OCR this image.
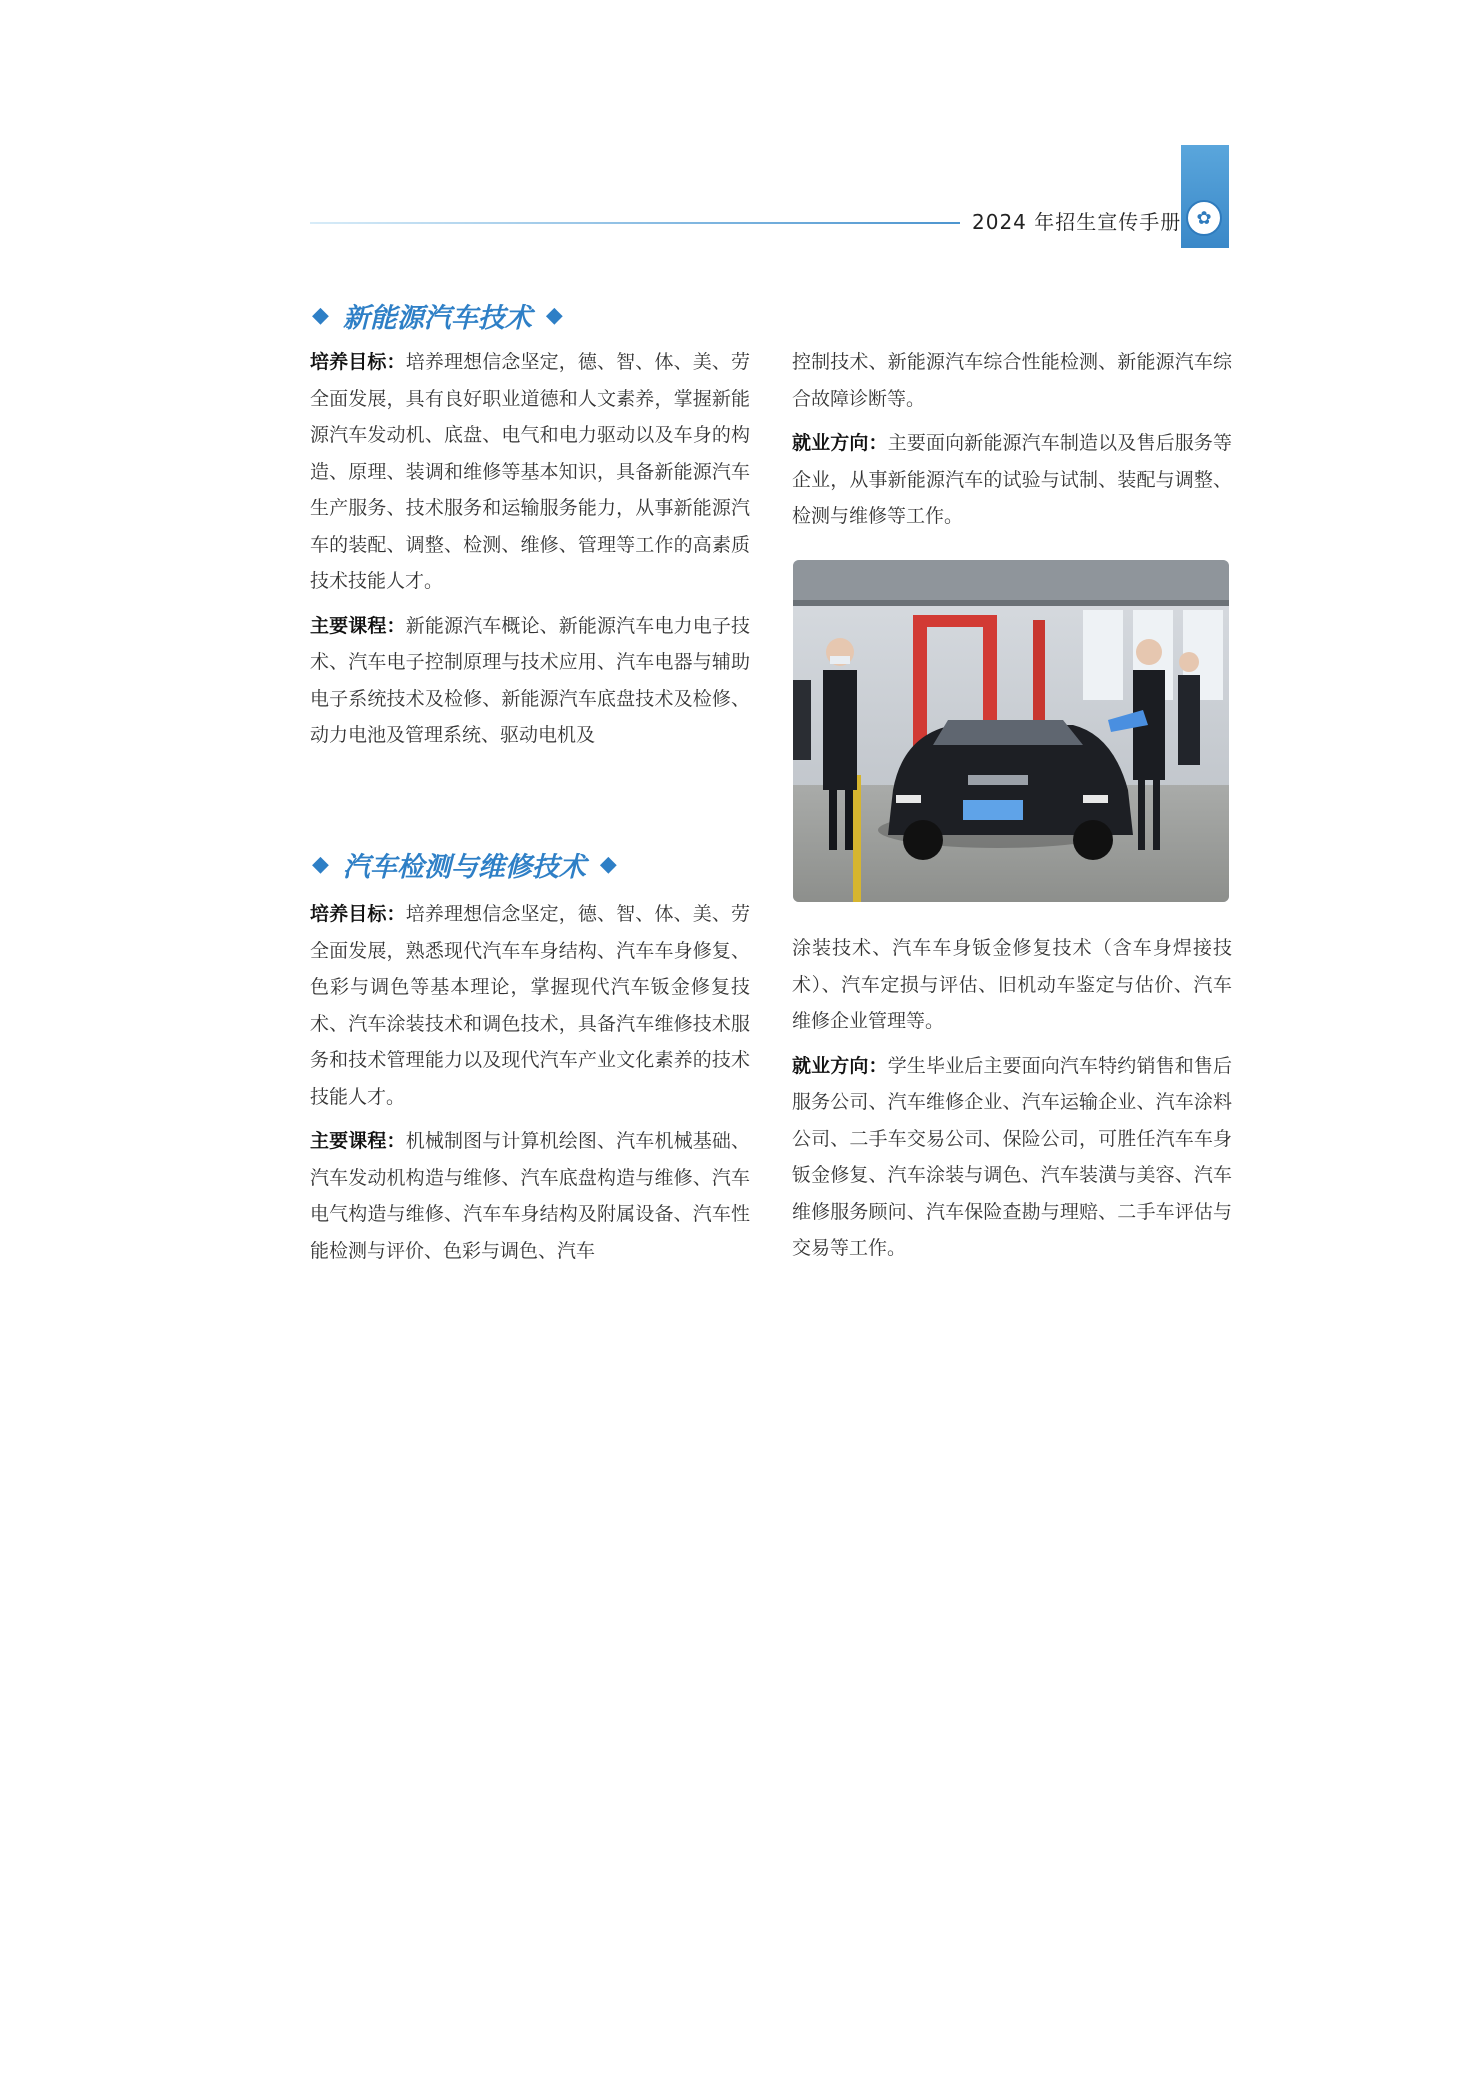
2024 年招生宣传手册 ✿
◆ 新能源汽车技术 ◆

培养目标：培养理想信念坚定，德、智、体、美、劳全面发展，具有良好职业道德和人文素养，掌握新能源汽车发动机、底盘、电气和电力驱动以及车身的构造、原理、装调和维修等基本知识，具备新能源汽车生产服务、技术服务和运输服务能力，从事新能源汽车的装配、调整、检测、维修、管理等工作的高素质技术技能人才。

主要课程：新能源汽车概论、新能源汽车电力电子技术、汽车电子控制原理与技术应用、汽车电器与辅助电子系统技术及检修、新能源汽车底盘技术及检修、动力电池及管理系统、驱动电机及

控制技术、新能源汽车综合性能检测、新能源汽车综合故障诊断等。

就业方向：主要面向新能源汽车制造以及售后服务等企业，从事新能源汽车的试验与试制、装配与调整、检测与维修等工作。

◆ 汽车检测与维修技术 ◆

培养目标：培养理想信念坚定，德、智、体、美、劳全面发展，熟悉现代汽车车身结构、汽车车身修复、色彩与调色等基本理论，掌握现代汽车钣金修复技术、汽车涂装技术和调色技术，具备汽车维修技术服务和技术管理能力以及现代汽车产业文化素养的技术技能人才。

主要课程：机械制图与计算机绘图、汽车机械基础、汽车发动机构造与维修、汽车底盘构造与维修、汽车电气构造与维修、汽车车身结构及附属设备、汽车性能检测与评价、色彩与调色、汽车

涂装技术、汽车车身钣金修复技术（含车身焊接技术）、汽车定损与评估、旧机动车鉴定与估价、汽车维修企业管理等。

就业方向：学生毕业后主要面向汽车特约销售和售后服务公司、汽车维修企业、汽车运输企业、汽车涂料公司、二手车交易公司、保险公司，可胜任汽车车身钣金修复、汽车涂装与调色、汽车装潢与美容、汽车维修服务顾问、汽车保险查勘与理赔、二手车评估与交易等工作。
